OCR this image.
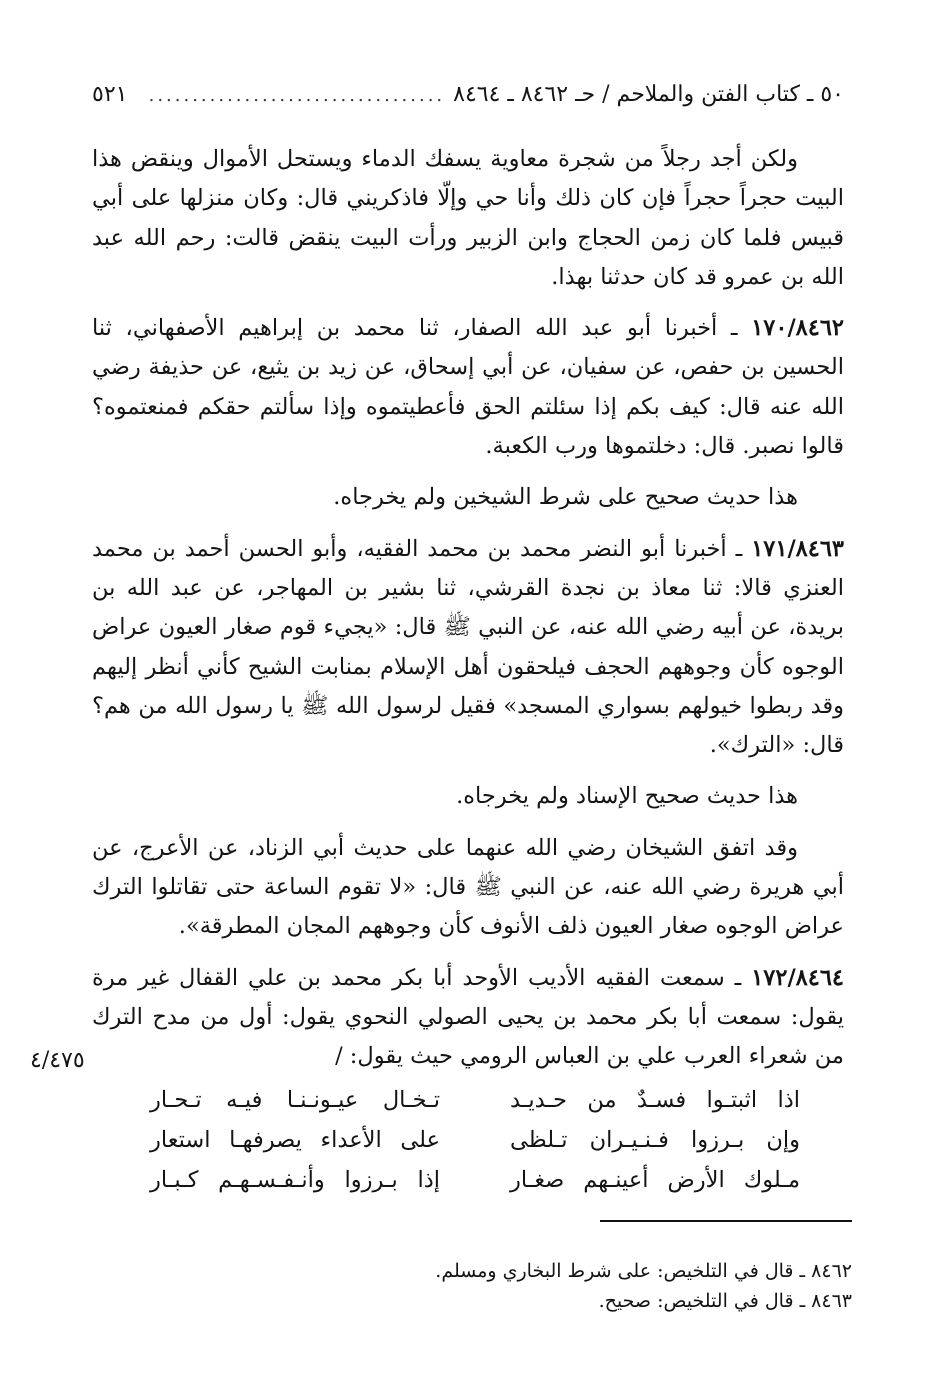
٥٠ ـ كتاب الفتن والملاحم / حـ ٨٤٦٢ ـ ٨٤٦٤
..................................
٥٢١

ولكن أجد رجلاً من شجرة معاوية يسفك الدماء ويستحل الأموال وينقض هذا البيت حجراً حجراً فإن كان ذلك وأنا حي وإلّا فاذكريني قال: وكان منزلها على أبي قبيس فلما كان زمن الحجاج وابن الزبير ورأت البيت ينقض قالت: رحم الله عبد الله بن عمرو قد كان حدثنا بهذا.

١٧٠/٨٤٦٢ ـ أخبرنا أبو عبد الله الصفار، ثنا محمد بن إبراهيم الأصفهاني، ثنا الحسين بن حفص، عن سفيان، عن أبي إسحاق، عن زيد بن يثيع، عن حذيفة رضي الله عنه قال: كيف بكم إذا سئلتم الحق فأعطيتموه وإذا سألتم حقكم فمنعتموه؟ قالوا نصبر. قال: دخلتموها ورب الكعبة.

هذا حديث صحيح على شرط الشيخين ولم يخرجاه.

١٧١/٨٤٦٣ ـ أخبرنا أبو النضر محمد بن محمد الفقيه، وأبو الحسن أحمد بن محمد العنزي قالا: ثنا معاذ بن نجدة القرشي، ثنا بشير بن المهاجر، عن عبد الله بن بريدة، عن أبيه رضي الله عنه، عن النبي ﷺ قال: «يجيء قوم صغار العيون عراض الوجوه كأن وجوههم الحجف فيلحقون أهل الإسلام بمنابت الشيح كأني أنظر إليهم وقد ربطوا خيولهم بسواري المسجد» فقيل لرسول الله ﷺ يا رسول الله من هم؟ قال: «الترك».

هذا حديث صحيح الإسناد ولم يخرجاه.

وقد اتفق الشيخان رضي الله عنهما على حديث أبي الزناد، عن الأعرج، عن أبي هريرة رضي الله عنه، عن النبي ﷺ قال: «لا تقوم الساعة حتى تقاتلوا الترك عراض الوجوه صغار العيون ذلف الأنوف كأن وجوههم المجان المطرقة».

١٧٢/٨٤٦٤ ـ سمعت الفقيه الأديب الأوحد أبا بكر محمد بن علي القفال غير مرة يقول: سمعت أبا بكر محمد بن يحيى الصولي النحوي يقول: أول من مدح الترك من شعراء العرب علي بن العباس الرومي حيث يقول: /

٤/٤٧٥
اذا اثبتـوا فسـدٌ من حـديـد
تـخـال عيـونـنـا فيـه تـحـار
وإن بـرزوا فـنـيـران تـلظى
على الأعداء يصرفهـا استعار
مـلوك الأرض أعينـهم صغـار
إذا بـرزوا وأنـفـسـهـم كـبـار
٨٤٦٢ ـ قال في التلخيص: على شرط البخاري ومسلم.
٨٤٦٣ ـ قال في التلخيص: صحيح.
